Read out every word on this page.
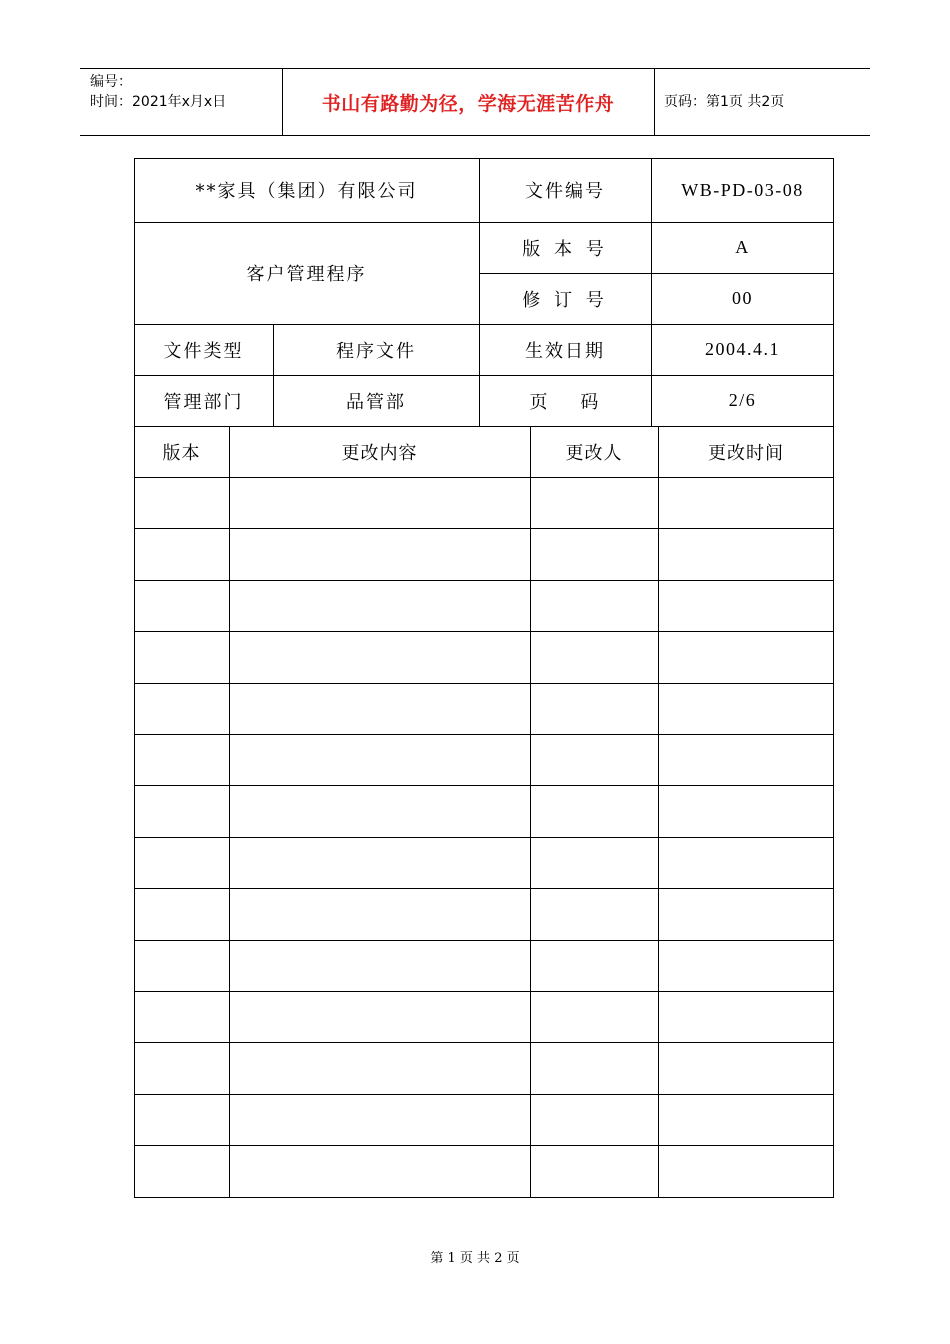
编号：
时间：2021年x月x日	书山有路勤为径，学海无涯苦作舟	页码：第1页 共2页
**家具（集团）有限公司	文件编号	WB-PD-03-08
客户管理程序
版 本 号	A
修 订 号	00
文件类型	程序文件	生效日期	2004.4.1
管理部门	品管部	页    码	2/6
版本	更改内容	更改人	更改时间
第 1 页 共 2 页
